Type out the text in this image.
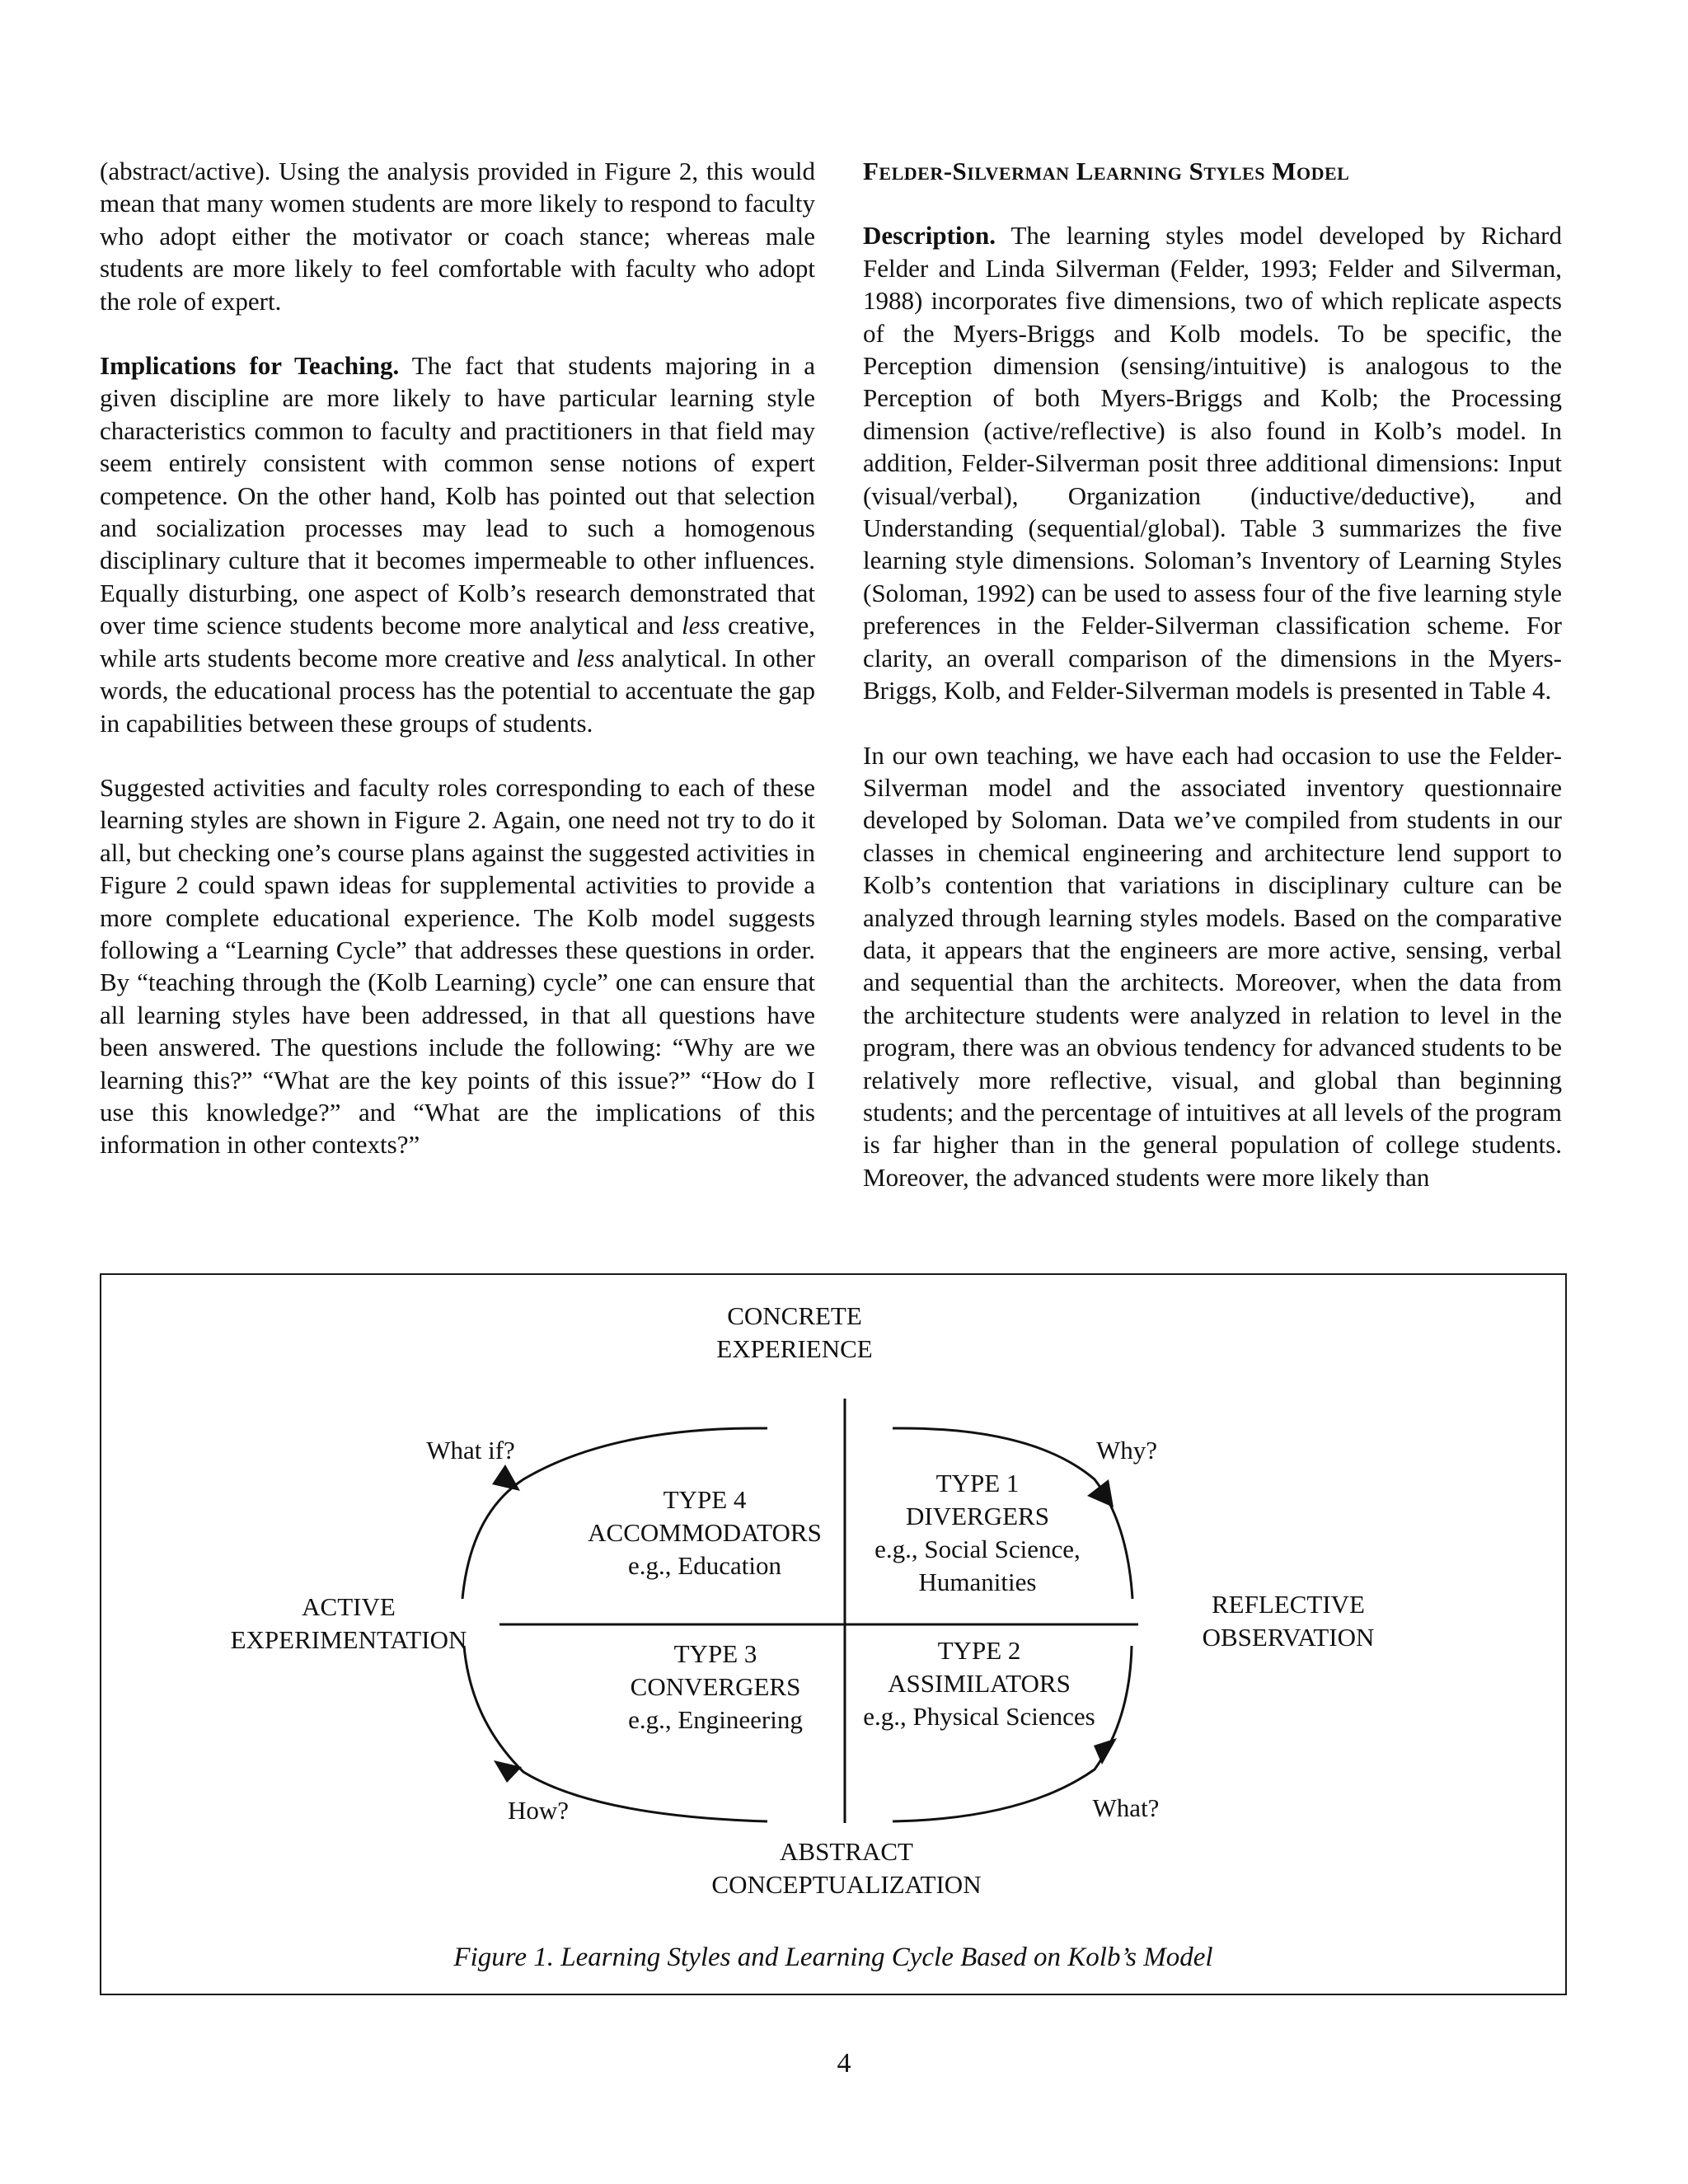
(abstract/active). Using the analysis provided in Figure 2, this would mean that many women students are more likely to respond to faculty who adopt either the motivator or coach stance; whereas male students are more likely to feel comfortable with faculty who adopt the role of expert.

Implications for Teaching. The fact that students majoring in a given discipline are more likely to have particular learning style characteristics common to faculty and practitioners in that field may seem entirely consistent with common sense notions of expert competence. On the other hand, Kolb has pointed out that selection and socialization processes may lead to such a homogenous disciplinary culture that it becomes impermeable to other influences. Equally disturbing, one aspect of Kolb’s research demonstrated that over time science students become more analytical and less creative, while arts students become more creative and less analytical. In other words, the educational process has the potential to accentuate the gap in capabilities between these groups of students.

Suggested activities and faculty roles corresponding to each of these learning styles are shown in Figure 2. Again, one need not try to do it all, but checking one’s course plans against the suggested activities in Figure 2 could spawn ideas for supplemental activities to provide a more complete educational experience. The Kolb model suggests following a “Learning Cycle” that addresses these questions in order. By “teaching through the (Kolb Learning) cycle” one can ensure that all learning styles have been addressed, in that all questions have been answered. The questions include the following: “Why are we learning this?” “What are the key points of this issue?” “How do I use this knowledge?” and “What are the implications of this information in other contexts?”

Felder-Silverman Learning Styles Model

Description. The learning styles model developed by Richard Felder and Linda Silverman (Felder, 1993; Felder and Silverman, 1988) incorporates five dimensions, two of which replicate aspects of the Myers-Briggs and Kolb models. To be specific, the Perception dimension (sensing/intuitive) is analogous to the Perception of both Myers-Briggs and Kolb; the Processing dimension (active/reflective) is also found in Kolb’s model. In addition, Felder-Silverman posit three additional dimensions: Input (visual/verbal), Organization (inductive/deductive), and Understanding (sequential/global). Table 3 summarizes the five learning style dimensions. Soloman’s Inventory of Learning Styles (Soloman, 1992) can be used to assess four of the five learning style preferences in the Felder-Silverman classification scheme. For clarity, an overall comparison of the dimensions in the Myers-Briggs, Kolb, and Felder-Silverman models is presented in Table 4.

In our own teaching, we have each had occasion to use the Felder-Silverman model and the associated inventory questionnaire developed by Soloman. Data we’ve compiled from students in our classes in chemical engineering and architecture lend support to Kolb’s contention that variations in disciplinary culture can be analyzed through learning styles models. Based on the comparative data, it appears that the engineers are more active, sensing, verbal and sequential than the architects. Moreover, when the data from the architecture students were analyzed in relation to level in the program, there was an obvious tendency for advanced students to be relatively more reflective, visual, and global than beginning students; and the percentage of intuitives at all levels of the program is far higher than in the general population of college students. Moreover, the advanced students were more likely than

CONCRETE
EXPERIENCE
ABSTRACT
CONCEPTUALIZATION
ACTIVE
EXPERIMENTATION
REFLECTIVE
OBSERVATION
What if?	Why?
How?	What?
TYPE 4
ACCOMMODATORS
e.g., Education
TYPE 1
DIVERGERS
e.g., Social Science,
Humanities
TYPE 3
CONVERGERS
e.g., Engineering
TYPE 2
ASSIMILATORS
e.g., Physical Sciences
Figure 1. Learning Styles and Learning Cycle Based on Kolb’s Model
4
